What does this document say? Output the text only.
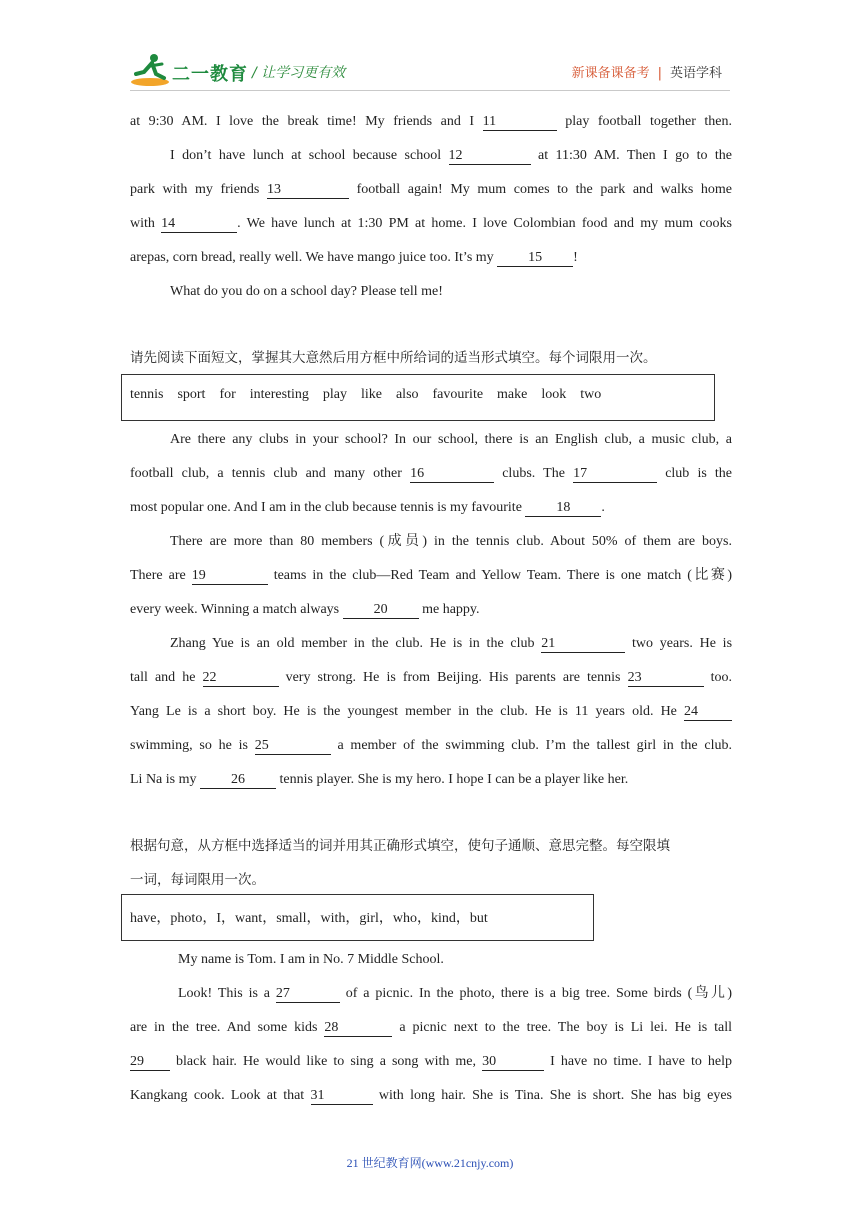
二一教育 / 让学习更有效	新课备课备考 | 英语学科
at 9:30 AM. I love the break time! My friends and I 11	play football together then.
I don’t have lunch at school because school 12	at 11:30 AM. Then I go to the
park with my friends 13	football again! My mum comes to the park and walks home
with 14	. We have lunch at 1:30 PM at home. I love Colombian food and my mum cooks
arepas, corn bread, really well. We have mango juice too. It’s my 15 !
What do you do on a school day? Please tell me!
请先阅读下面短文，掌握其大意然后用方框中所给词的适当形式填空。每个词限用一次。
tennis    sport    for    interesting    play    like    also    favourite    make    look    two
Are there any clubs in your school? In our school, there is an English club, a music club, a
football club, a tennis club and many other 16	clubs. The 17	club is the
most popular one. And I am in the club because tennis is my favourite 18 .
There are more than 80 members (成员) in the tennis club. About 50% of them are boys.
There are 19	teams in the club—Red Team and Yellow Team. There is one match (比赛)
every week. Winning a match always 20 me happy.
Zhang Yue is an old member in the club. He is in the club 21	two years. He is
tall and he 22	very strong. He is from Beijing. His parents are tennis 23	too.
Yang Le is a short boy. He is the youngest member in the club. He is 11 years old. He 24
swimming, so he is 25	a member of the swimming club. I’m the tallest girl in the club.
Li Na is my 26 tennis player. She is my hero. I hope I can be a player like her.
根据句意，从方框中选择适当的词并用其正确形式填空，使句子通顺、意思完整。每空限填
一词，每词限用一次。
have，photo，I，want，small，with，girl，who，kind，but
My name is Tom. I am in No. 7 Middle School.
Look! This is a 27	of a picnic. In the photo, there is a big tree. Some birds (鸟儿)
are in the tree. And some kids 28	a picnic next to the tree. The boy is Li lei. He is tall
29 black hair. He would like to sing a song with me, 30	I have no time. I have to help
Kangkang cook. Look at that 31	with long hair. She is Tina. She is short. She has big eyes
21 世纪教育网(www.21cnjy.com)
